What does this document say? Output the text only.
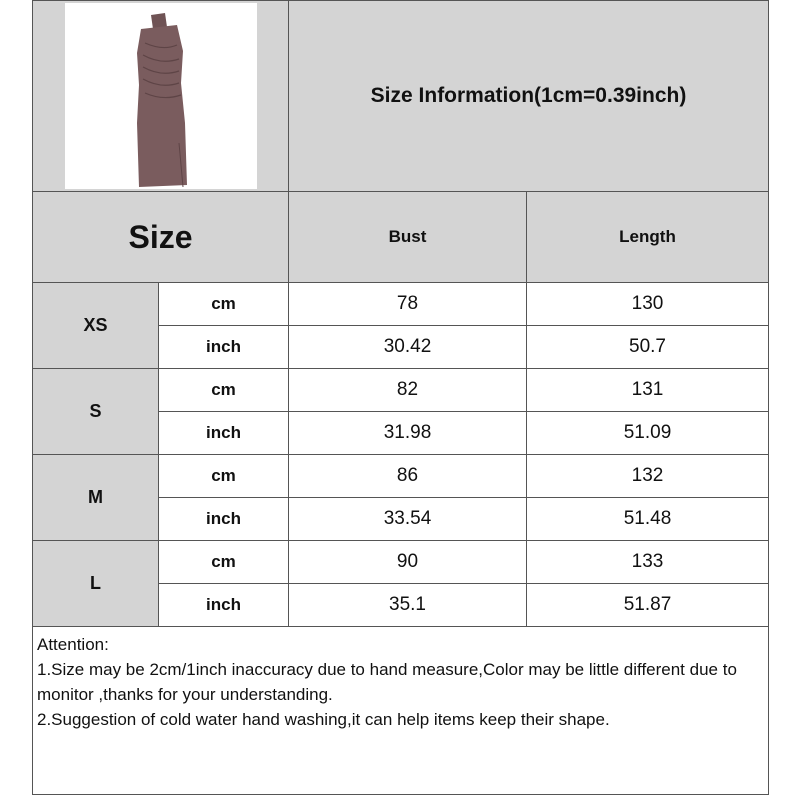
	Size Information(1cm=0.39inch)	
Size		Bust	Length
XS	cm	78	130
	inch	30.42	50.7
S	cm	82	131
	inch	31.98	51.09
M	cm	86	132
	inch	33.54	51.48
L	cm	90	133
	inch	35.1	51.87

Attention:
1.Size may be 2cm/1inch inaccuracy due to hand measure,Color may be little different due to monitor ,thanks for your understanding.
2.Suggestion of cold water hand washing,it can help items keep their shape.			
